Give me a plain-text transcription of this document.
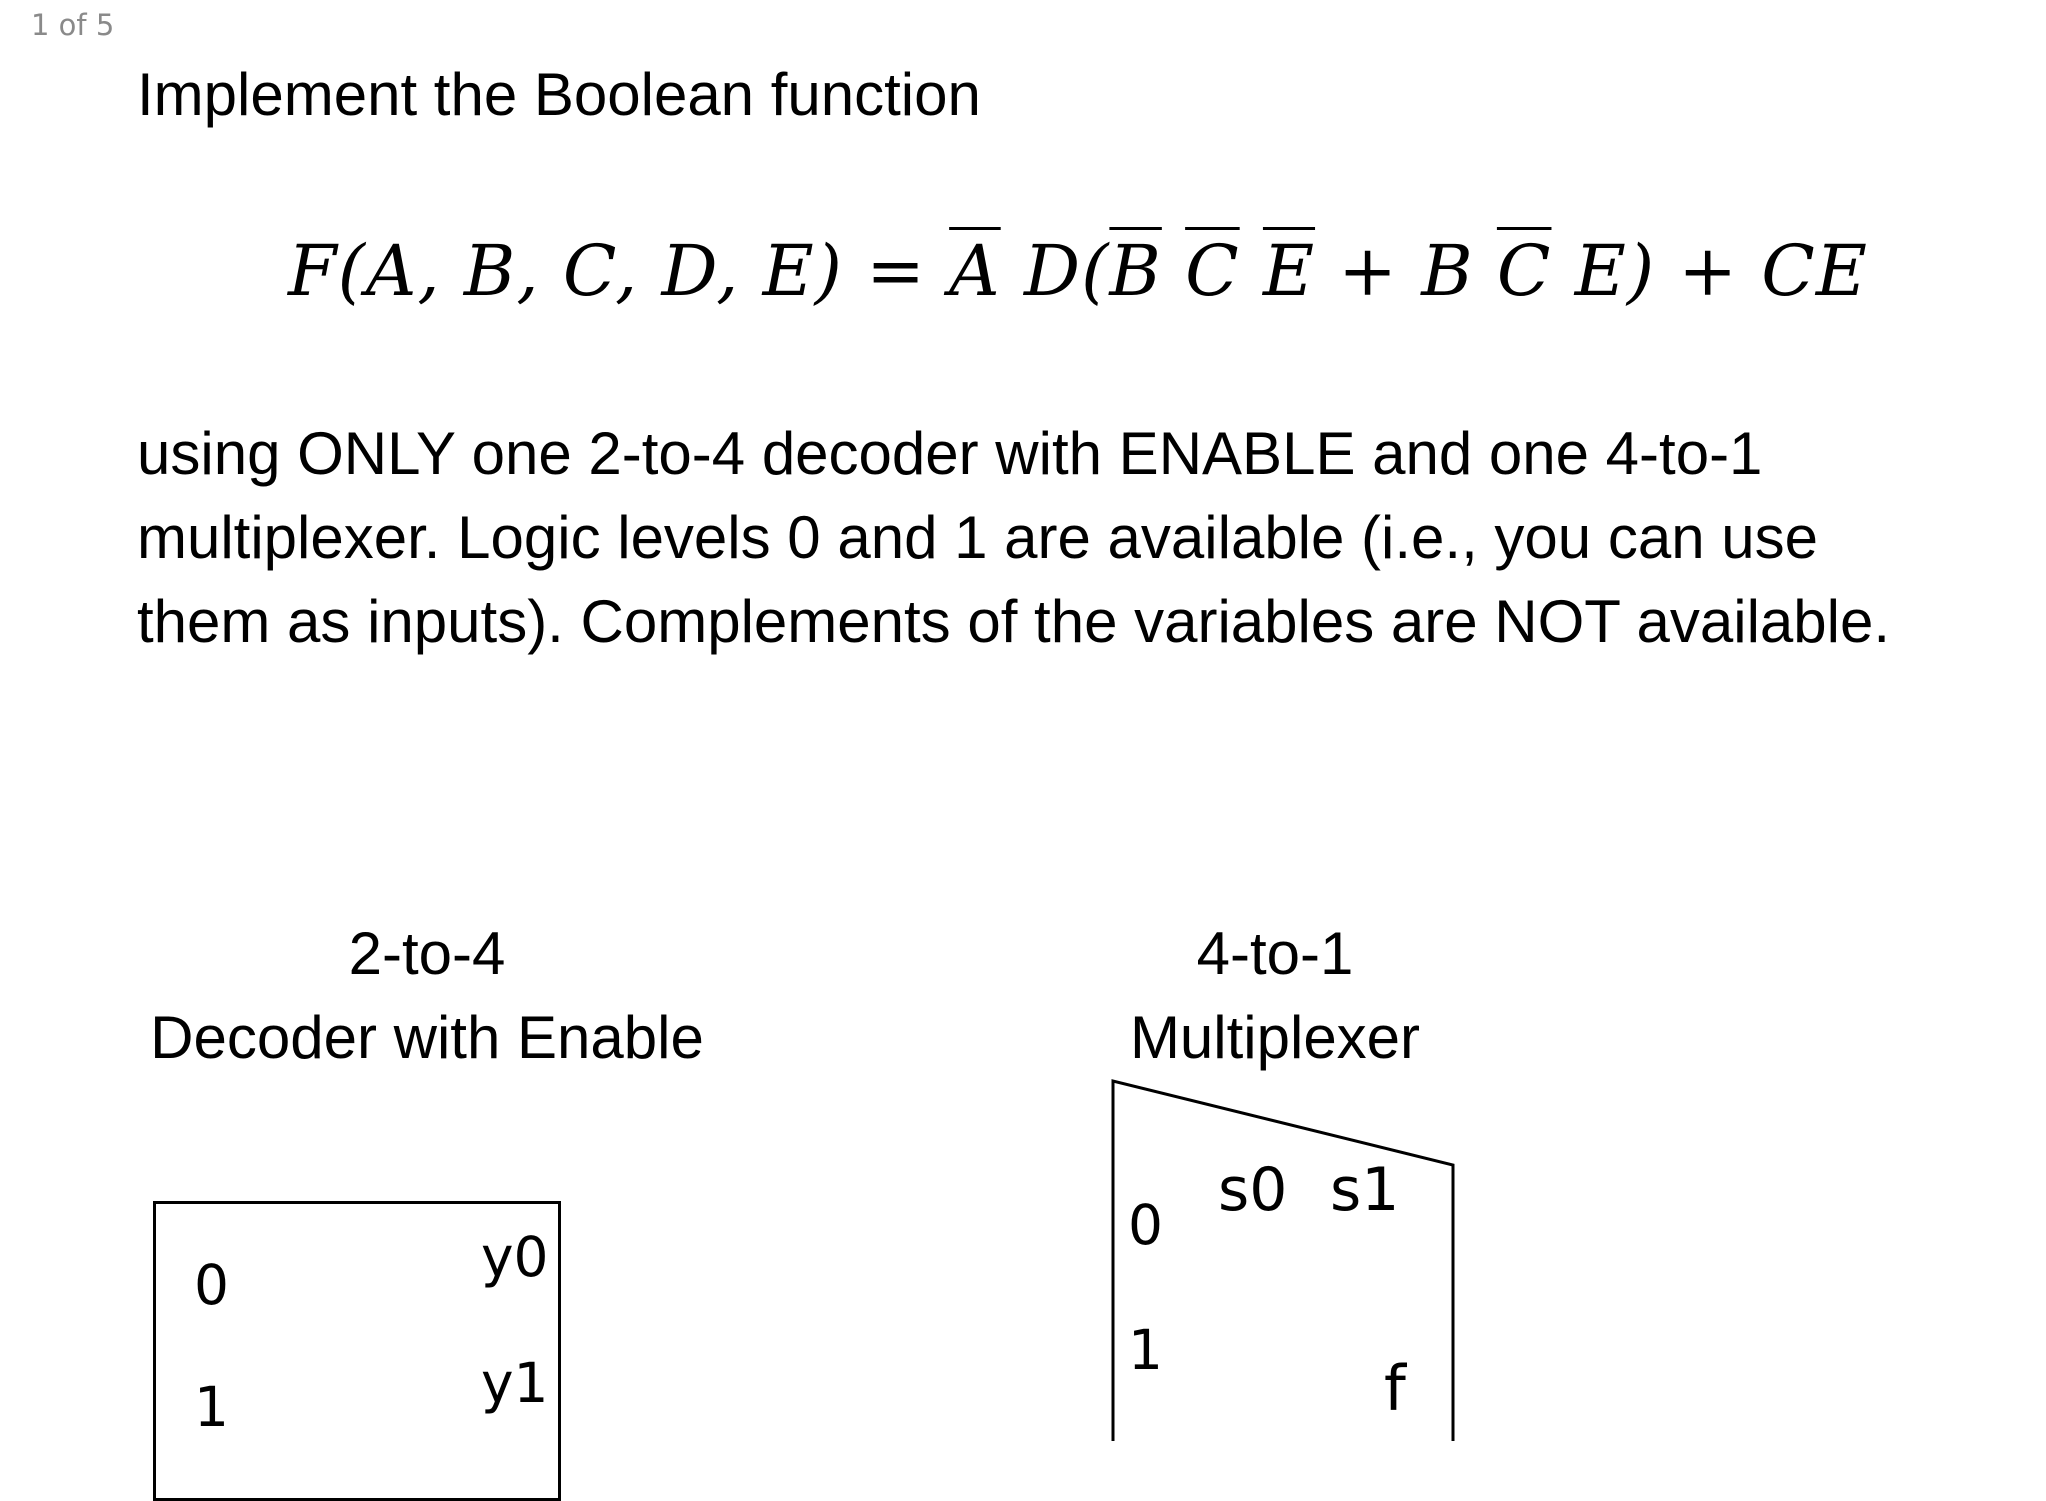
1 of 5
Implement the Boolean function
F(A, B, C, D, $E) = \overline{A}$ $D(\overline{B}$ $\overline{C}$ $\overline{E} + B$ $\overline{C}$ E) + CE

using ONLY one 2-to-4 decoder with ENABLE and one 4-to-1 multiplexer. Logic levels 0 and 1 are available (i.e., you can use them as inputs). Complements of the variables are NOT available.

2-to-4
Decoder with Enable
4-to-1
Multiplexer
0
1
y0
y1
s0 s1
0
1
f
